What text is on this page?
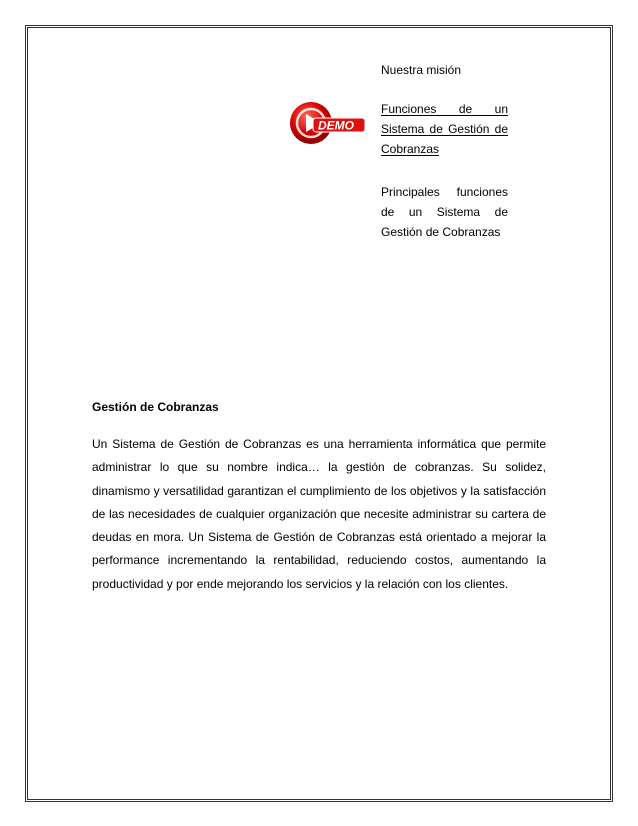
DEMO
Nuestra misión
Funciones de un Sistema de Gestión de Cobranzas
Principales funciones de un Sistema de Gestión de Cobranzas
Gestión de Cobranzas

Un Sistema de Gestión de Cobranzas es una herramienta informática que permite administrar lo que su nombre indica… la gestión de cobranzas. Su solidez, dinamismo y versatilidad garantizan el cumplimiento de los objetivos y la satisfacción de las necesidades de cualquier organización que necesite administrar su cartera de deudas en mora. Un Sistema de Gestión de Cobranzas está orientado a mejorar la performance incrementando la rentabilidad, reduciendo costos, aumentando la productividad y por ende mejorando los servicios y la relación con los clientes.
